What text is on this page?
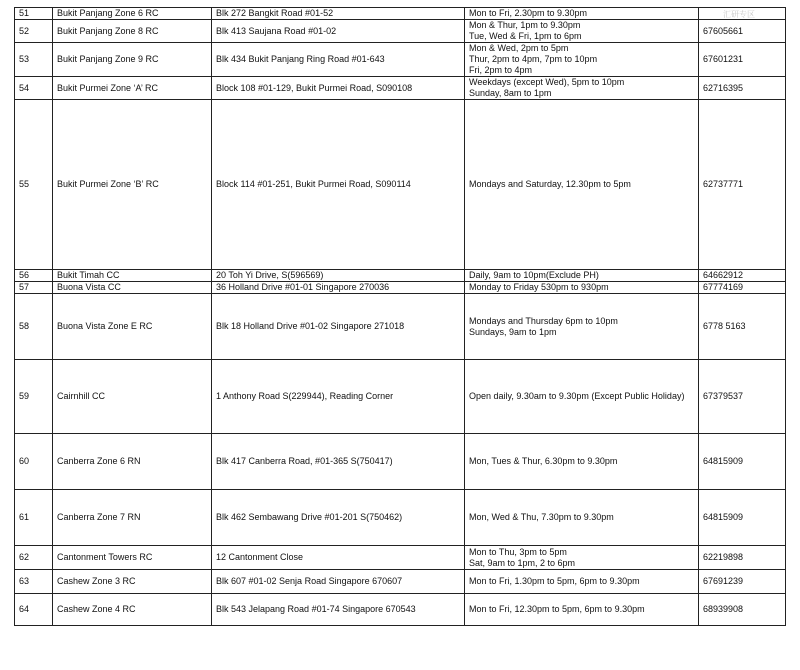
51	Bukit Panjang Zone 6 RC	Blk 272 Bangkit Road #01-52	Mon to Fri, 2.30pm to 9.30pm	

52	Bukit Panjang Zone 8 RC	Blk 413 Saujana Road #01-02	Mon & Thur, 1pm to 9.30pm
Tue, Wed & Fri, 1pm to 6pm	67605661
53	Bukit Panjang Zone 9 RC	Blk 434 Bukit Panjang Ring Road #01-643	Mon & Wed, 2pm to 5pm
Thur, 2pm to 4pm, 7pm to 10pm
Fri, 2pm to 4pm	67601231
54	Bukit Purmei Zone ‘A’ RC	Block 108 #01-129, Bukit Purmei Road, S090108	Weekdays (except Wed), 5pm to 10pm
Sunday, 8am to 1pm	62716395
55	Bukit Purmei Zone ‘B’ RC	Block 114 #01-251, Bukit Purmei Road, S090114	Mondays and Saturday, 12.30pm to 5pm	62737771
56	Bukit Timah CC	20 Toh Yi Drive, S(596569)	Daily, 9am to 10pm(Exclude PH)	64662912
57	Buona Vista CC	36 Holland Drive #01-01 Singapore 270036	Monday to Friday 530pm to 930pm	67774169
58	Buona Vista Zone E RC	Blk 18 Holland Drive #01-02 Singapore 271018	Mondays and Thursday 6pm to 10pm
Sundays, 9am to 1pm	6778 5163
59	Cairnhill CC	1 Anthony Road S(229944), Reading Corner	Open daily, 9.30am to 9.30pm (Except Public Holiday)	67379537
60	Canberra Zone 6 RN	Blk 417 Canberra Road, #01-365 S(750417)	Mon, Tues & Thur, 6.30pm to 9.30pm	64815909
61	Canberra Zone 7 RN	Blk 462 Sembawang Drive #01-201 S(750462)	Mon, Wed & Thu, 7.30pm to 9.30pm	64815909
62	Cantonment Towers RC	12 Cantonment Close	Mon to Thu, 3pm to 5pm
Sat, 9am to 1pm, 2 to 6pm	62219898
63	Cashew Zone 3 RC	Blk 607 #01-02 Senja Road Singapore 670607	Mon to Fri, 1.30pm to 5pm, 6pm to 9.30pm	67691239
64	Cashew Zone 4 RC	Blk 543 Jelapang Road #01-74 Singapore 670543	Mon to Fri, 12.30pm to 5pm, 6pm to 9.30pm	68939908
汇研专区
